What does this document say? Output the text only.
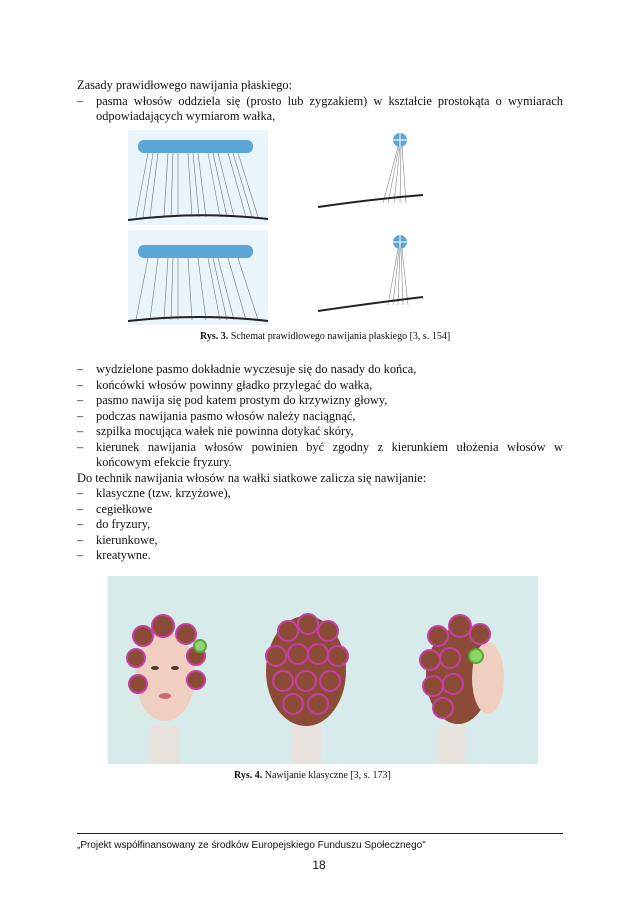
Zasady prawidłowego nawijania płaskiego:
– pasma włosów oddziela się (prosto lub zygzakiem) w kształcie prostokąta o wymiarach odpowiadających wymiarom wałka,
Rys. 3. Schemat prawidłowego nawijania płaskiego [3, s. 154]
– wydzielone pasmo dokładnie wyczesuje się do nasady do końca,
– końcówki włosów powinny gładko przylegać do wałka,
– pasmo nawija się pod katem prostym do krzywizny głowy,
– podczas nawijania pasmo włosów należy naciągnąć,
– szpilka mocująca wałek nie powinna dotykać skóry,
– kierunek nawijania włosów powinien być zgodny z kierunkiem ułożenia włosów w końcowym efekcie fryzury.
Do technik nawijania włosów na wałki siatkowe zalicza się nawijanie:
– klasyczne (tzw. krzyżowe),
– cegiełkowe
– do fryzury,
– kierunkowe,
– kreatywne.
Rys. 4. Nawijanie klasyczne [3, s. 173]
„Projekt współfinansowany ze środków Europejskiego Funduszu Społecznego"
18
